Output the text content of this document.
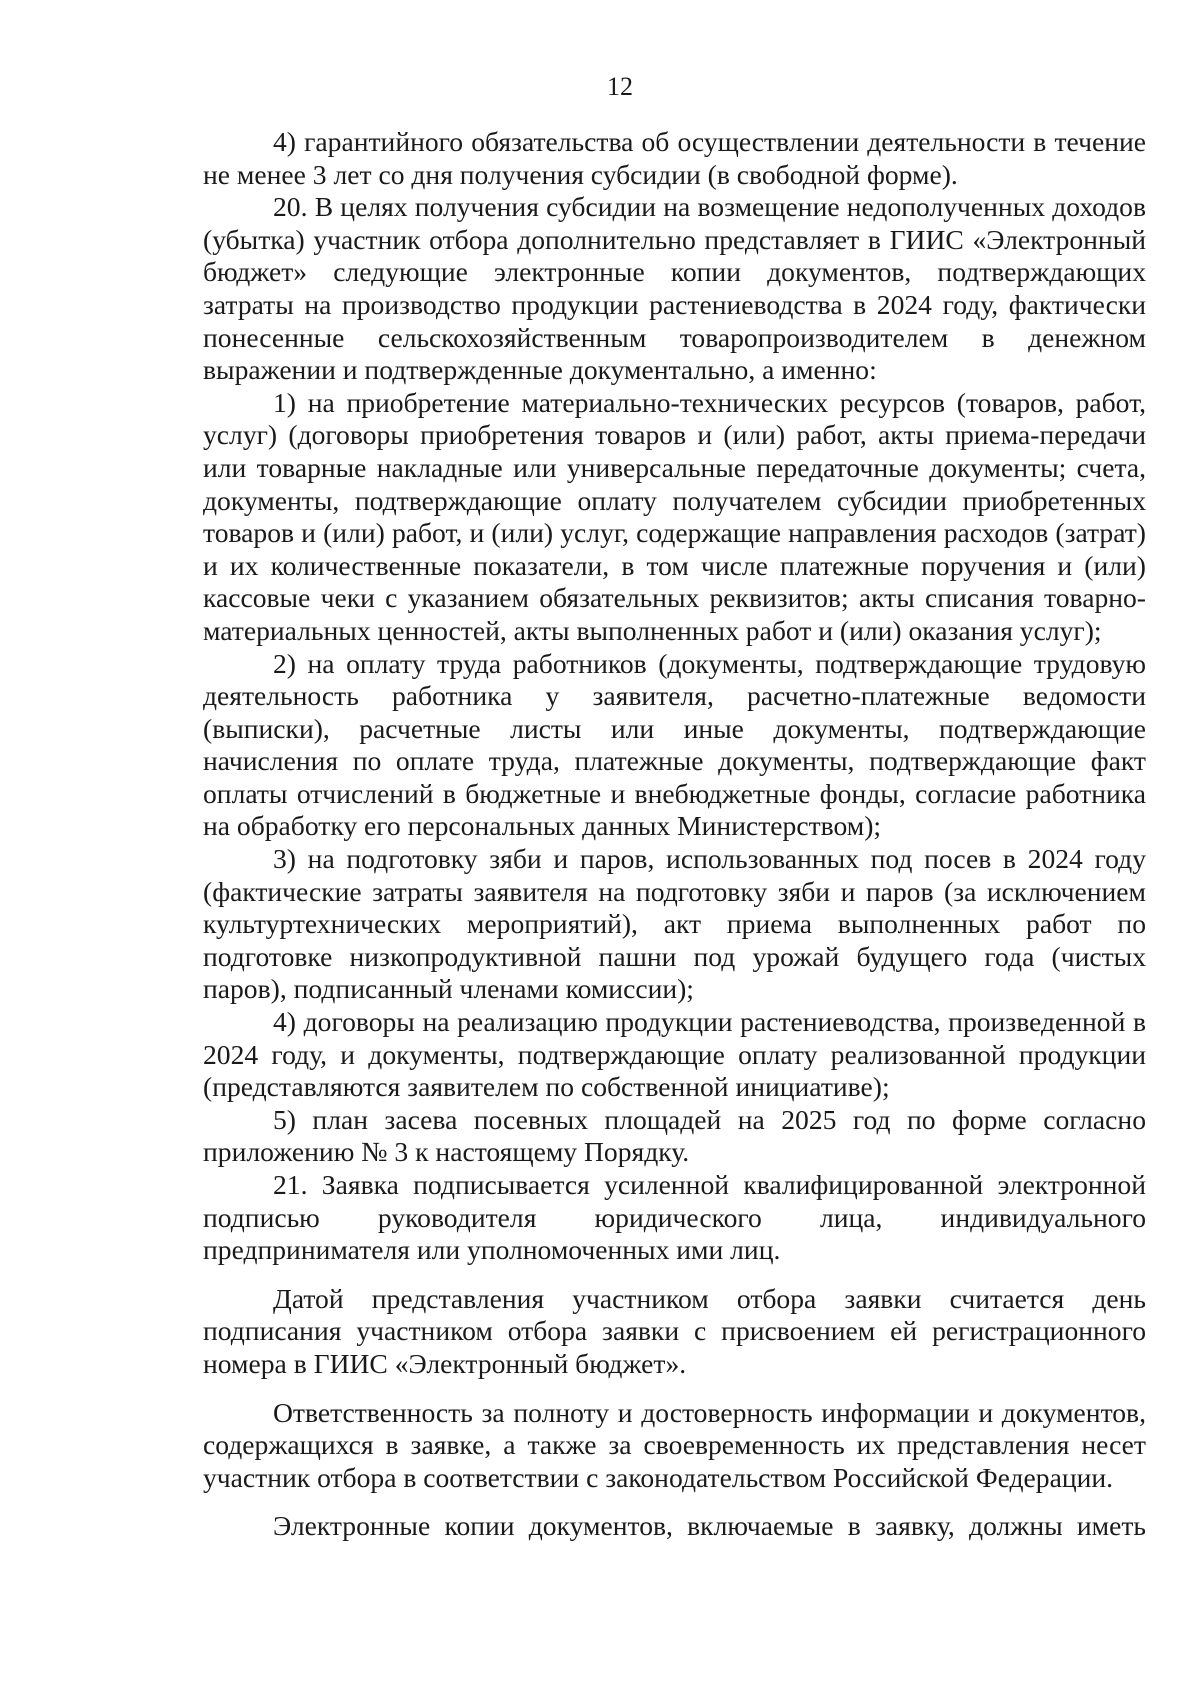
12

4) гарантийного обязательства об осуществлении деятельности в течение не менее 3 лет со дня получения субсидии (в свободной форме).

20. В целях получения субсидии на возмещение недополученных доходов (убытка) участник отбора дополнительно представляет в ГИИС «Электронный бюджет» следующие электронные копии документов, подтверждающих затраты на производство продукции растениеводства в 2024 году, фактически понесенные сельскохозяйственным товаропроизводителем в денежном выражении и подтвержденные документально, а именно:

1) на приобретение материально-технических ресурсов (товаров, работ, услуг) (договоры приобретения товаров и (или) работ, акты приема-передачи или товарные накладные или универсальные передаточные документы; счета, документы, подтверждающие оплату получателем субсидии приобретенных товаров и (или) работ, и (или) услуг, содержащие направления расходов (затрат) и их количественные показатели, в том числе платежные поручения и (или) кассовые чеки с указанием обязательных реквизитов; акты списания товарно-материальных ценностей, акты выполненных работ и (или) оказания услуг);

2) на оплату труда работников (документы, подтверждающие трудовую деятельность работника у заявителя, расчетно-платежные ведомости (выписки), расчетные листы или иные документы, подтверждающие начисления по оплате труда, платежные документы, подтверждающие факт оплаты отчислений в бюджетные и внебюджетные фонды, согласие работника на обработку его персональных данных Министерством);

3) на подготовку зяби и паров, использованных под посев в 2024 году (фактические затраты заявителя на подготовку зяби и паров (за исключением культуртехнических мероприятий), акт приема выполненных работ по подготовке низкопродуктивной пашни под урожай будущего года (чистых паров), подписанный членами комиссии);

4) договоры на реализацию продукции растениеводства, произведенной в 2024 году, и документы, подтверждающие оплату реализованной продукции (представляются заявителем по собственной инициативе);

5) план засева посевных площадей на 2025 год по форме согласно приложению № 3 к настоящему Порядку.

21. Заявка подписывается усиленной квалифицированной электронной подписью руководителя юридического лица, индивидуального предпринимателя или уполномоченных ими лиц.

Датой представления участником отбора заявки считается день подписания участником отбора заявки с присвоением ей регистрационного номера в ГИИС «Электронный бюджет».

Ответственность за полноту и достоверность информации и документов, содержащихся в заявке, а также за своевременность их представления несет участник отбора в соответствии с законодательством Российской Федерации.

Электронные копии документов, включаемые в заявку, должны иметь
